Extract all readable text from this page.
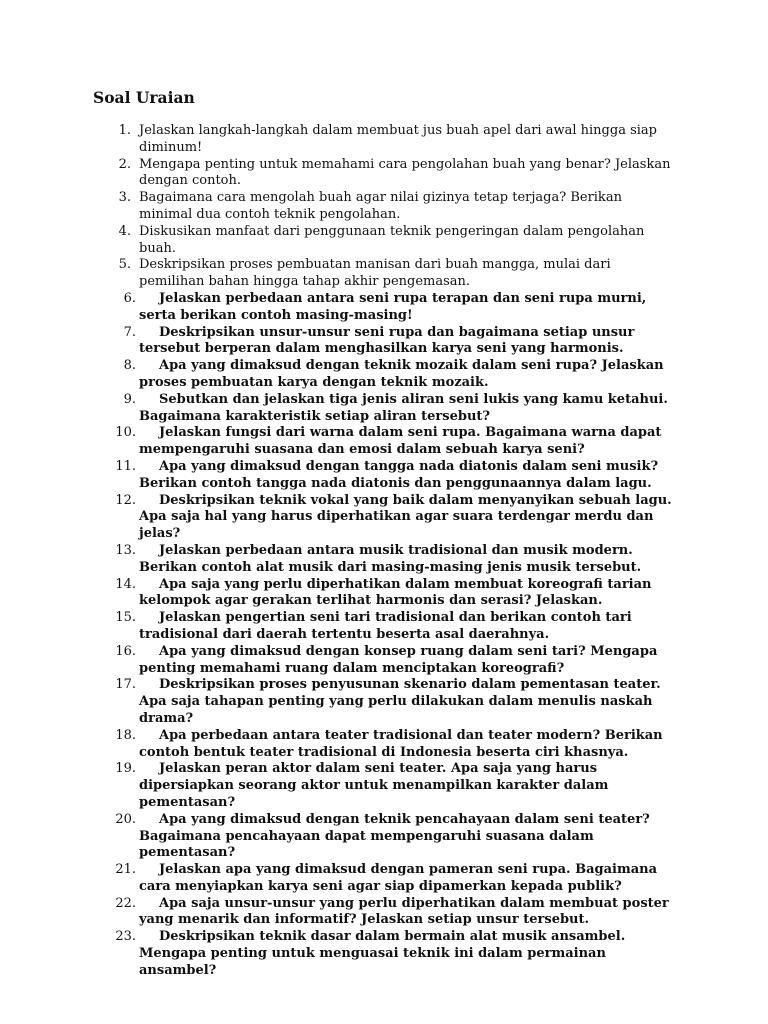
Soal Uraian
1. Jelaskan langkah-langkah dalam membuat jus buah apel dari awal hingga siap diminum!
2. Mengapa penting untuk memahami cara pengolahan buah yang benar? Jelaskan dengan contoh.
3. Bagaimana cara mengolah buah agar nilai gizinya tetap terjaga? Berikan minimal dua contoh teknik pengolahan.
4. Diskusikan manfaat dari penggunaan teknik pengeringan dalam pengolahan buah.
5. Deskripsikan proses pembuatan manisan dari buah mangga, mulai dari pemilihan bahan hingga tahap akhir pengemasan.
6.	Jelaskan perbedaan antara seni rupa terapan dan seni rupa murni, serta berikan contoh masing-masing!
7.	Deskripsikan unsur-unsur seni rupa dan bagaimana setiap unsur tersebut berperan dalam menghasilkan karya seni yang harmonis.
8.	Apa yang dimaksud dengan teknik mozaik dalam seni rupa? Jelaskan proses pembuatan karya dengan teknik mozaik.
9.	Sebutkan dan jelaskan tiga jenis aliran seni lukis yang kamu ketahui. Bagaimana karakteristik setiap aliran tersebut?
10.	Jelaskan fungsi dari warna dalam seni rupa. Bagaimana warna dapat mempengaruhi suasana dan emosi dalam sebuah karya seni?
11.	Apa yang dimaksud dengan tangga nada diatonis dalam seni musik? Berikan contoh tangga nada diatonis dan penggunaannya dalam lagu.
12.	Deskripsikan teknik vokal yang baik dalam menyanyikan sebuah lagu. Apa saja hal yang harus diperhatikan agar suara terdengar merdu dan jelas?
13.	Jelaskan perbedaan antara musik tradisional dan musik modern. Berikan contoh alat musik dari masing-masing jenis musik tersebut.
14.	Apa saja yang perlu diperhatikan dalam membuat koreografi tarian kelompok agar gerakan terlihat harmonis dan serasi? Jelaskan.
15.	Jelaskan pengertian seni tari tradisional dan berikan contoh tari tradisional dari daerah tertentu beserta asal daerahnya.
16.	Apa yang dimaksud dengan konsep ruang dalam seni tari? Mengapa penting memahami ruang dalam menciptakan koreografi?
17.	Deskripsikan proses penyusunan skenario dalam pementasan teater. Apa saja tahapan penting yang perlu dilakukan dalam menulis naskah drama?
18.	Apa perbedaan antara teater tradisional dan teater modern? Berikan contoh bentuk teater tradisional di Indonesia beserta ciri khasnya.
19.	Jelaskan peran aktor dalam seni teater. Apa saja yang harus dipersiapkan seorang aktor untuk menampilkan karakter dalam pementasan?
20.	Apa yang dimaksud dengan teknik pencahayaan dalam seni teater? Bagaimana pencahayaan dapat mempengaruhi suasana dalam pementasan?
21.	Jelaskan apa yang dimaksud dengan pameran seni rupa. Bagaimana cara menyiapkan karya seni agar siap dipamerkan kepada publik?
22.	Apa saja unsur-unsur yang perlu diperhatikan dalam membuat poster yang menarik dan informatif? Jelaskan setiap unsur tersebut.
23.	Deskripsikan teknik dasar dalam bermain alat musik ansambel. Mengapa penting untuk menguasai teknik ini dalam permainan ansambel?
